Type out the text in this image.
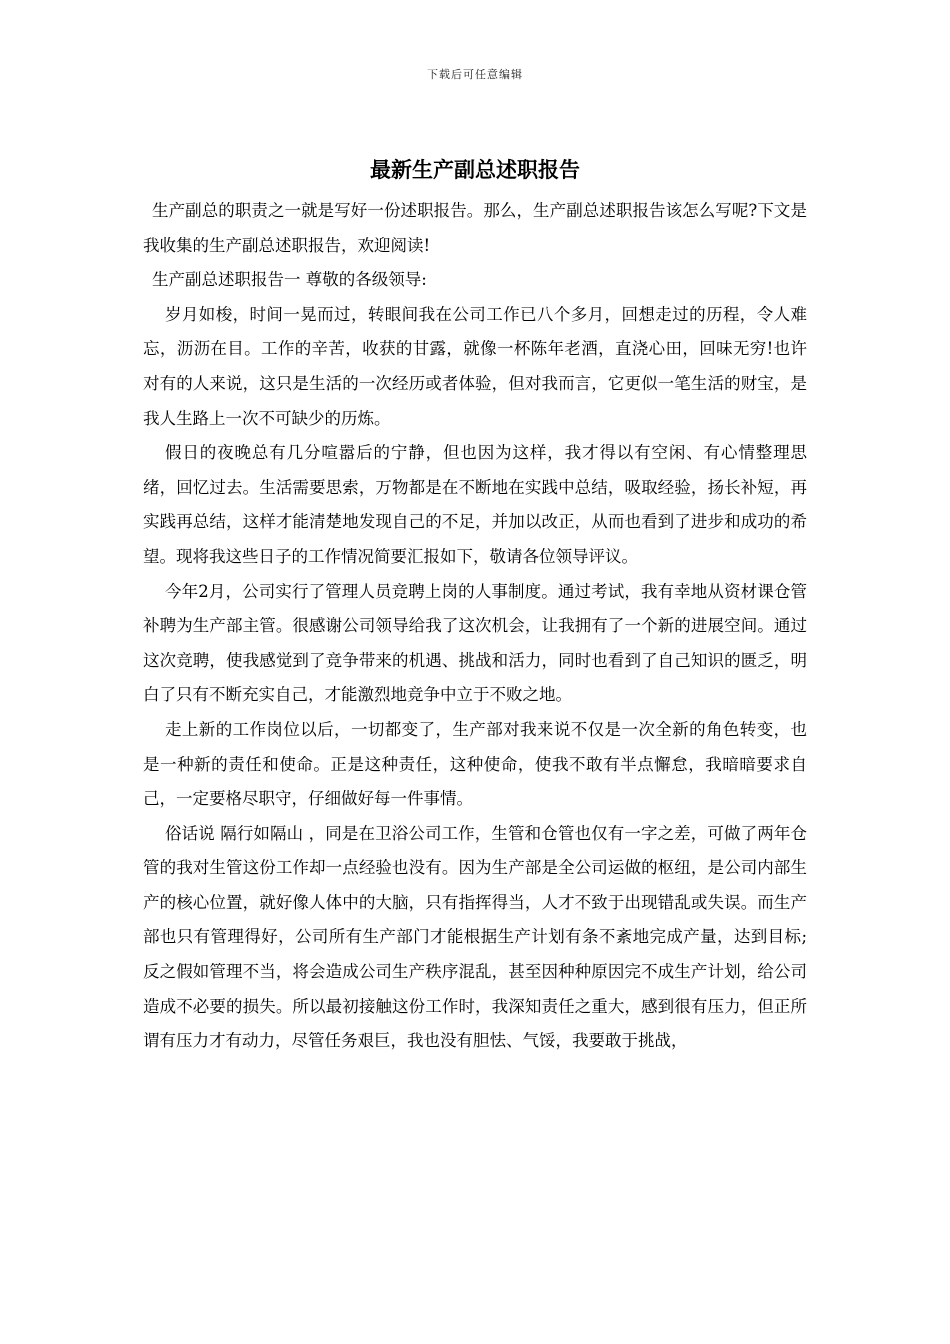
下载后可任意编辑
最新生产副总述职报告

生产副总的职责之一就是写好一份述职报告。那么，生产副总述职报告该怎么写呢?下文是我收集的生产副总述职报告，欢迎阅读!

生产副总述职报告一 尊敬的各级领导:

岁月如梭，时间一晃而过，转眼间我在公司工作已八个多月，回想走过的历程，令人难忘，沥沥在目。工作的辛苦，收获的甘露，就像一杯陈年老酒，直浇心田，回味无穷!也许对有的人来说，这只是生活的一次经历或者体验，但对我而言，它更似一笔生活的财宝，是我人生路上一次不可缺少的历炼。

假日的夜晚总有几分喧嚣后的宁静，但也因为这样，我才得以有空闲、有心情整理思绪，回忆过去。生活需要思索，万物都是在不断地在实践中总结，吸取经验，扬长补短，再实践再总结，这样才能清楚地发现自己的不足，并加以改正，从而也看到了进步和成功的希望。现将我这些日子的工作情况简要汇报如下，敬请各位领导评议。

今年2月，公司实行了管理人员竞聘上岗的人事制度。通过考试，我有幸地从资材课仓管补聘为生产部主管。很感谢公司领导给我了这次机会，让我拥有了一个新的进展空间。通过这次竞聘，使我感觉到了竞争带来的机遇、挑战和活力，同时也看到了自己知识的匮乏，明白了只有不断充实自己，才能激烈地竞争中立于不败之地。

走上新的工作岗位以后，一切都变了，生产部对我来说不仅是一次全新的角色转变，也是一种新的责任和使命。正是这种责任，这种使命，使我不敢有半点懈怠，我暗暗要求自己，一定要格尽职守，仔细做好每一件事情。

俗话说 隔行如隔山 ，同是在卫浴公司工作，生管和仓管也仅有一字之差，可做了两年仓管的我对生管这份工作却一点经验也没有。因为生产部是全公司运做的枢纽，是公司内部生产的核心位置，就好像人体中的大脑，只有指挥得当，人才不致于出现错乱或失误。而生产部也只有管理得好，公司所有生产部门才能根据生产计划有条不紊地完成产量，达到目标;反之假如管理不当，将会造成公司生产秩序混乱，甚至因种种原因完不成生产计划，给公司造成不必要的损失。所以最初接触这份工作时，我深知责任之重大，感到很有压力，但正所谓有压力才有动力，尽管任务艰巨，我也没有胆怯、气馁，我要敢于挑战，
